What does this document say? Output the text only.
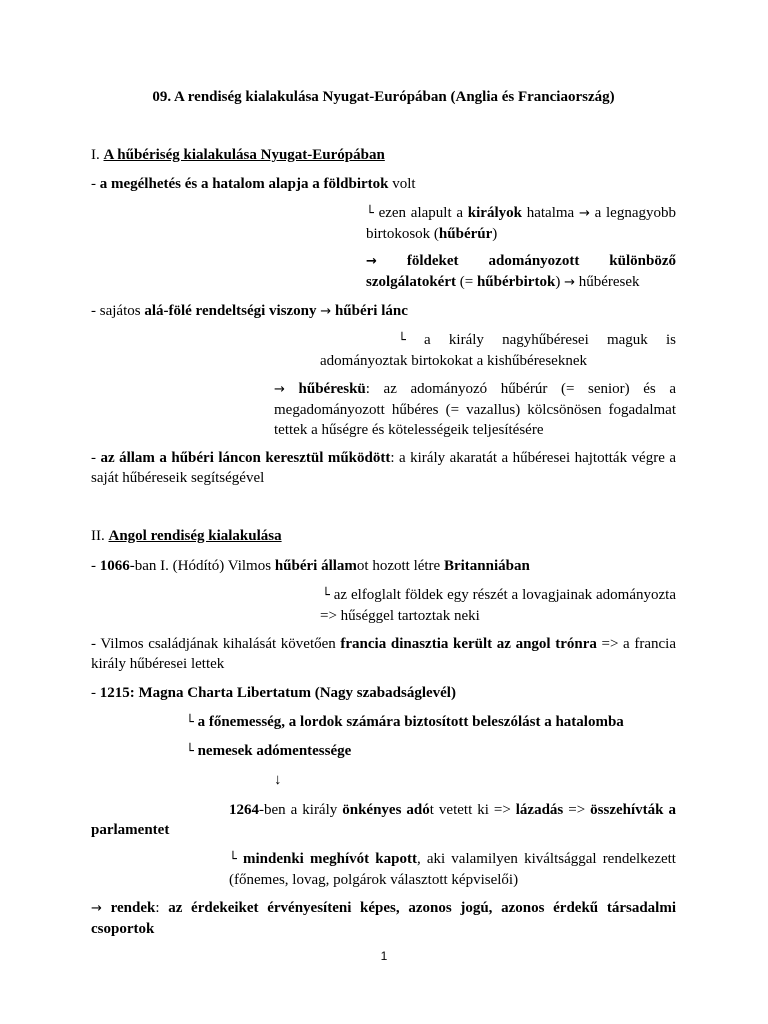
09. A rendiség kialakulása Nyugat-Európában (Anglia és Franciaország)
I. A hűbériség kialakulása Nyugat-Európában
- a megélhetés és a hatalom alapja a földbirtok volt
└ ezen alapult a királyok hatalma → a legnagyobb birtokosok (hűbérúr)
→ földeket adományozott különböző szolgálatokért (= hűbérbirtok) → hűbéresek
- sajátos alá-fölé rendeltségi viszony → hűbéri lánc
└ a király nagyhűbéresei maguk is adományoztak birtokokat a kishűbéreseknek
→ hűbéreskü: az adományozó hűbérúr (= senior) és a megadományozott hűbéres (= vazallus) kölcsönösen fogadalmat tettek a hűségre és kötelességeik teljesítésére
- az állam a hűbéri láncon keresztül működött: a király akaratát a hűbéresei hajtották végre a saját hűbéreseik segítségével
II. Angol rendiség kialakulása
- 1066-ban I. (Hódító) Vilmos hűbéri államot hozott létre Britanniában
└ az elfoglalt földek egy részét a lovagjainak adományozta => hűséggel tartoztak neki
- Vilmos családjának kihalását követően francia dinasztia került az angol trónra => a francia király hűbéresei lettek
- 1215: Magna Charta Libertatum (Nagy szabadságlevél)
└ a főnemesség, a lordok számára biztosított beleszólást a hatalomba
└ nemesek adómentessége
↓
1264-ben a király önkényes adót vetett ki => lázadás => összehívták a parlamentet
└ mindenki meghívót kapott, aki valamilyen kiváltsággal rendelkezett (főnemes, lovag, polgárok választott képviselői)
→ rendek: az érdekeiket érvényesíteni képes, azonos jogú, azonos érdekű társadalmi csoportok
1
